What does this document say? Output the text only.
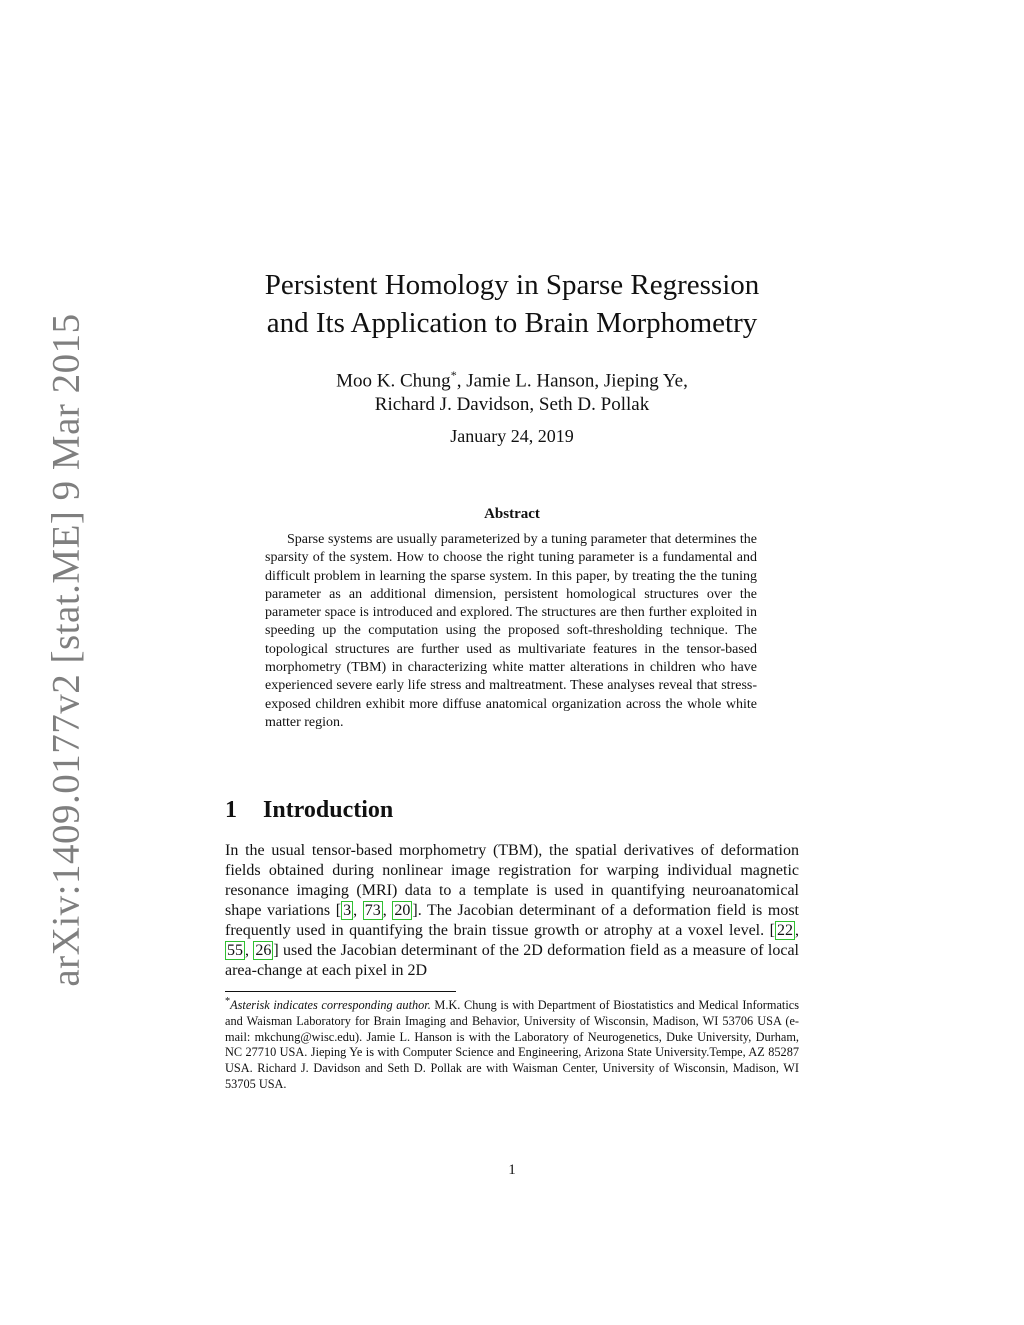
arXiv:1409.0177v2 [stat.ME] 9 Mar 2015
Persistent Homology in Sparse Regression
and Its Application to Brain Morphometry
Moo K. Chung*, Jamie L. Hanson, Jieping Ye,
Richard J. Davidson, Seth D. Pollak
January 24, 2019
Abstract

Sparse systems are usually parameterized by a tuning parameter that determines the sparsity of the system. How to choose the right tuning parameter is a fundamental and difficult problem in learning the sparse system. In this paper, by treating the the tuning parameter as an additional dimension, persistent homological structures over the parameter space is introduced and explored. The structures are then further exploited in speeding up the computation using the proposed soft-thresholding technique. The topological structures are further used as multivariate features in the tensor-based morphometry (TBM) in characterizing white matter alterations in children who have experienced severe early life stress and maltreatment. These analyses reveal that stress-exposed children exhibit more diffuse anatomical organization across the whole white matter region.

1 Introduction

In the usual tensor-based morphometry (TBM), the spatial derivatives of deformation fields obtained during nonlinear image registration for warping individual magnetic resonance imaging (MRI) data to a template is used in quantifying neuroanatomical shape variations [ 3 , 73 , 20 ]. The Jacobian determinant of a deformation field is most frequently used in quantifying the brain tissue growth or atrophy at a voxel level. [ 22 , 55 , 26 ] used the Jacobian determinant of the 2D deformation field as a measure of local area-change at each pixel in 2D

*Asterisk indicates corresponding author. M.K. Chung is with Department of Biostatistics and Medical Informatics and Waisman Laboratory for Brain Imaging and Behavior, University of Wisconsin, Madison, WI 53706 USA (e-mail: mkchung@wisc.edu). Jamie L. Hanson is with the Laboratory of Neurogenetics, Duke University, Durham, NC 27710 USA. Jieping Ye is with Computer Science and Engineering, Arizona State University.Tempe, AZ 85287 USA. Richard J. Davidson and Seth D. Pollak are with Waisman Center, University of Wisconsin, Madison, WI 53705 USA.

1
